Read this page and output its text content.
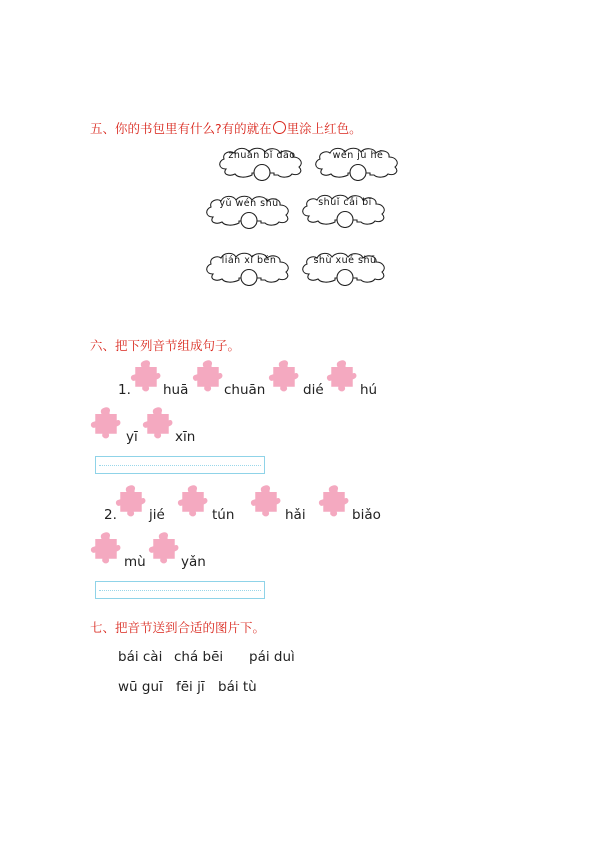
五、你的书包里有什么?有的就在 里涂上红色。
zhuàn bǐ dāo	wén jù hé
yǔ wén shū	shuǐ cǎi bǐ
lián xí běn	shù xué shū
六、把下列音节组成句子。
1. huā	chuān	dié	hú
yī	xīn
2. jié	tún	hǎi	biǎo
mù	yǎn
七、把音节送到合适的图片下。
bái cài chá bēi pái duì
wū guī fēi jī bái tù
